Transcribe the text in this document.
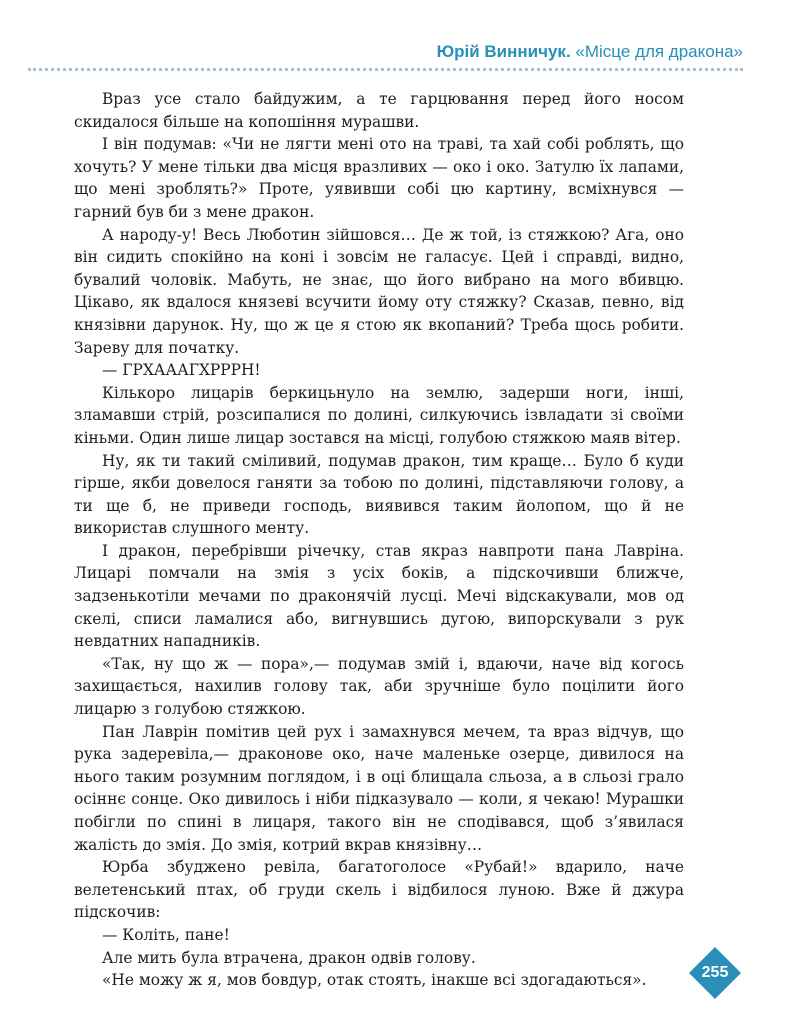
Юрій Винничук. «Місце для дракона»

Враз усе стало байдужим, а те гарцювання перед його носом скидалося більше на копошіння мурашви.

І він подумав: «Чи не лягти мені ото на траві, та хай собі роблять, що хочуть? У мене тільки два місця вразливих — око і око. Затулю їх лапами, що мені зроблять?» Проте, уявивши собі цю картину, всміхнувся — гарний був би з мене дракон.

А народу-у! Весь Люботин зійшовся… Де ж той, із стяжкою? Ага, оно він сидить спокійно на коні і зовсім не галасує. Цей і справді, видно, бувалий чоловік. Мабуть, не знає, що його вибрано на мого вбивцю. Цікаво, як вдалося князеві всучити йому оту стяжку? Сказав, певно, від князівни дарунок. Ну, що ж це я стою як вкопаний? Треба щось робити. Зареву для початку.

— ГРХАААГХРРРН!

Кількоро лицарів беркицьнуло на землю, задерши ноги, інші, зламавши стрій, розсипалися по долині, силкуючись ізвладати зі своїми кіньми. Один лише лицар зостався на місці, голубою стяжкою маяв вітер.

Ну, як ти такий сміливий, подумав дракон, тим краще… Було б куди гірше, якби довелося ганяти за тобою по долині, підставляючи голову, а ти ще б, не приведи господь, виявився таким йолопом, що й не використав слушного менту.

І дракон, перебрівши річечку, став якраз навпроти пана Лавріна. Лицарі помчали на змія з усіх боків, а підскочивши ближче, задзенькотіли мечами по драконячій лусці. Мечі відскакували, мов од скелі, списи ламалися або, вигнувшись дугою, випорскували з рук невдатних нападників.

«Так, ну що ж — пора»,— подумав змій і, вдаючи, наче від когось захищається, нахилив голову так, аби зручніше було поцілити його лицарю з голубою стяжкою.

Пан Лаврін помітив цей рух і замахнувся мечем, та враз відчув, що рука задеревіла,— драконове око, наче маленьке озерце, дивилося на нього таким розумним поглядом, і в оці блищала сльоза, а в сльозі грало осіннє сонце. Око дивилось і ніби підказувало — коли, я чекаю! Мурашки побігли по спині в лицаря, такого він не сподівався, щоб з’явилася жалість до змія. До змія, котрий вкрав князівну…

Юрба збуджено ревіла, багатоголосе «Рубай!» вдарило, наче велетенський птах, об груди скель і відбилося луною. Вже й джура підскочив:

— Коліть, пане!

Але мить була втрачена, дракон одвів голову.

«Не можу ж я, мов бовдур, отак стоять, інакше всі здогадаються».	255
